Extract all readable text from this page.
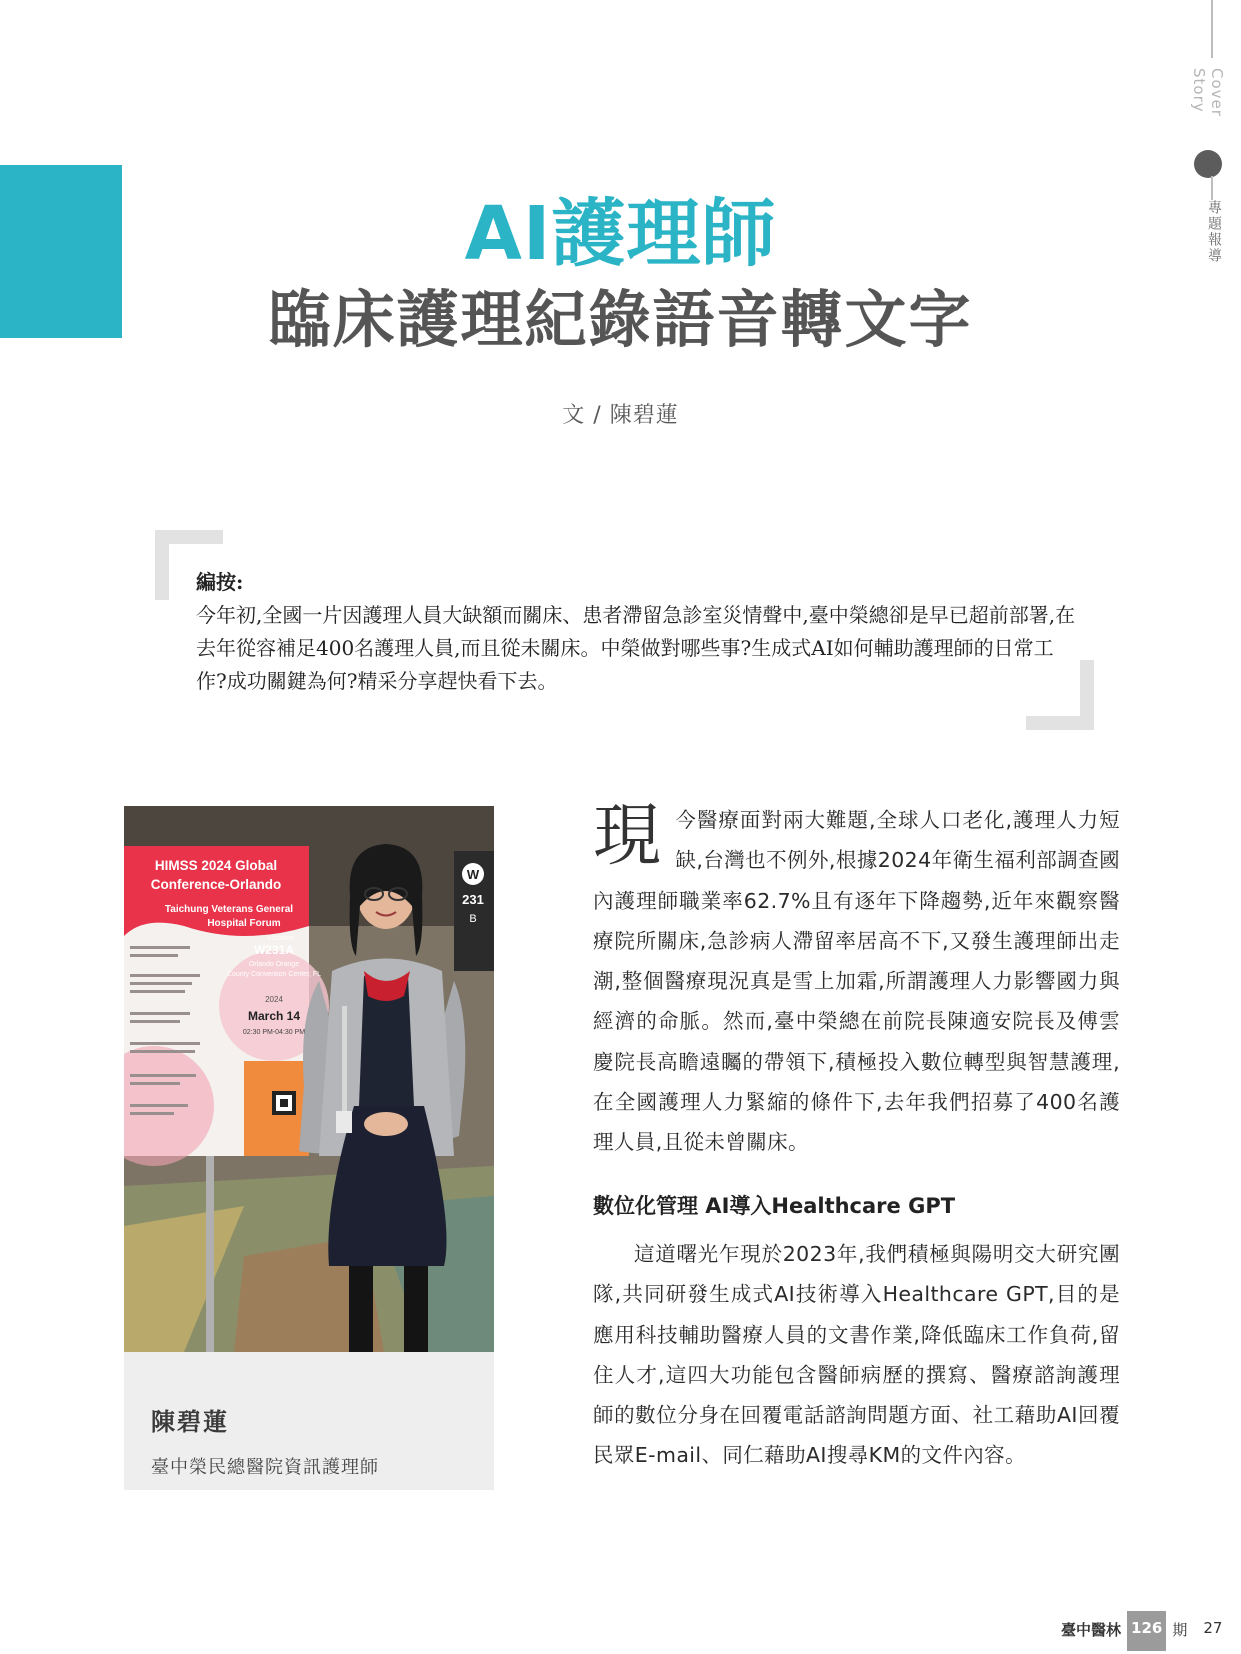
Cover Story
專題報導
AI護理師
臨床護理紀錄語音轉文字
文 / 陳碧蓮
編按:
今年初,全國一片因護理人員大缺額而關床、患者滯留急診室災情聲中,臺中榮總卻是早已超前部署,在去年從容補足400名護理人員,而且從未關床。中榮做對哪些事?生成式AI如何輔助護理師的日常工作?成功關鍵為何?精采分享趕快看下去。
W
231
B
HIMSS 2024 Global
Conference-Orlando
Taichung Veterans General
Hospital Forum
Location
W231A
Orlando Orange
County Convention Center, FL
2024
March 14
02:30 PM-04:30 PM
陳碧蓮
臺中榮民總醫院資訊護理師
現 今醫療面對兩大難題,全球人口老化,護理人力短缺,台灣也不例外,根據2024年衛生福利部調查國內護理師職業率62.7%且有逐年下降趨勢,近年來觀察醫療院所關床,急診病人滯留率居高不下,又發生護理師出走潮,整個醫療現況真是雪上加霜,所謂護理人力影響國力與經濟的命脈。然而,臺中榮總在前院長陳適安院長及傅雲慶院長高瞻遠矚的帶領下,積極投入數位轉型與智慧護理,在全國護理人力緊縮的條件下,去年我們招募了400名護理人員,且從未曾關床。
數位化管理 AI導入Healthcare GPT
這道曙光乍現於2023年,我們積極與陽明交大研究團隊,共同研發生成式AI技術導入Healthcare GPT,目的是應用科技輔助醫療人員的文書作業,降低臨床工作負荷,留住人才,這四大功能包含醫師病歷的撰寫、醫療諮詢護理師的數位分身在回覆電話諮詢問題方面、社工藉助AI回覆民眾E-mail、同仁藉助AI搜尋KM的文件內容。
臺中醫林 126 期 27
